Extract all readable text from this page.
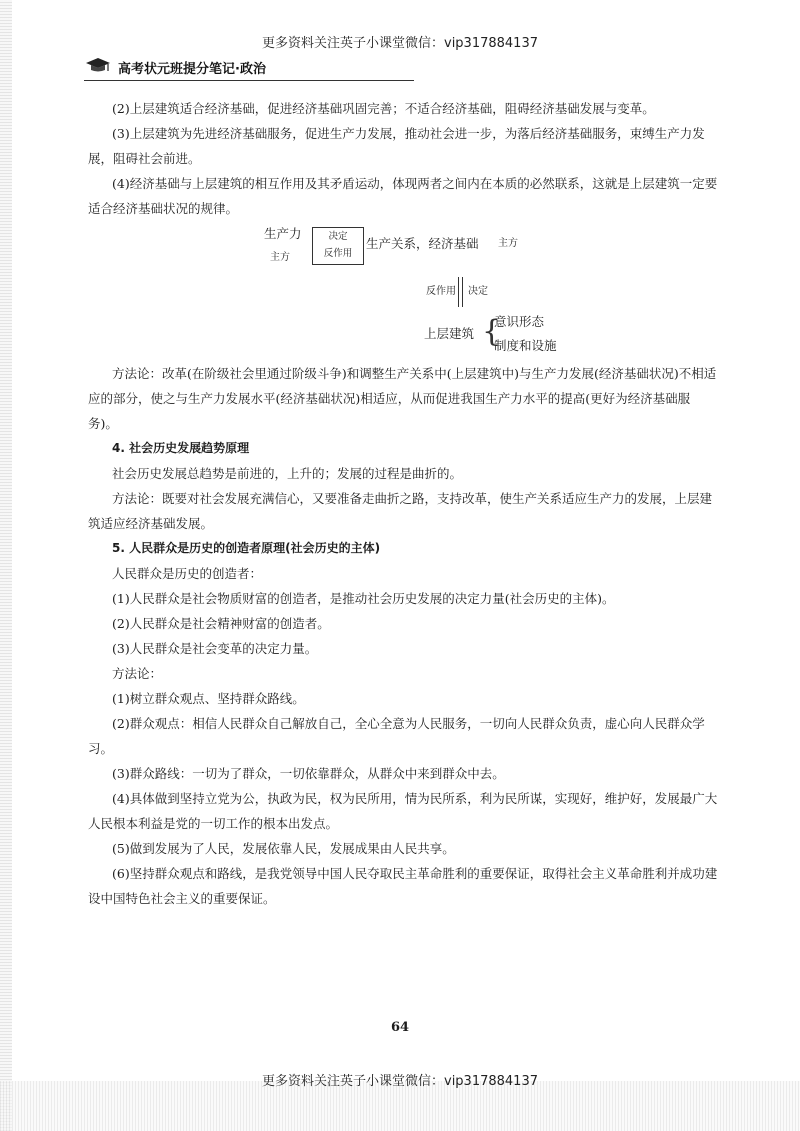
更多资料关注英子小课堂微信：vip317884137
高考状元班提分笔记·政治

(2)上层建筑适合经济基础，促进经济基础巩固完善；不适合经济基础，阻碍经济基础发展与变革。

(3)上层建筑为先进经济基础服务，促进生产力发展，推动社会进一步，为落后经济基础服务，束缚生产力发展，阻碍社会前进。

(4)经济基础与上层建筑的相互作用及其矛盾运动，体现两者之间内在本质的必然联系，这就是上层建筑一定要适合经济基础状况的规律。

生产力
主方
决定
反作用
生产关系，经济基础 主方
反作用 决定
上层建筑 {
意识形态
制度和设施

方法论：改革(在阶级社会里通过阶级斗争)和调整生产关系中(上层建筑中)与生产力发展(经济基础状况)不相适应的部分，使之与生产力发展水平(经济基础状况)相适应，从而促进我国生产力水平的提高(更好为经济基础服务)。

4. 社会历史发展趋势原理

社会历史发展总趋势是前进的，上升的；发展的过程是曲折的。

方法论：既要对社会发展充满信心，又要准备走曲折之路，支持改革，使生产关系适应生产力的发展，上层建筑适应经济基础发展。

5. 人民群众是历史的创造者原理(社会历史的主体)

人民群众是历史的创造者：

(1)人民群众是社会物质财富的创造者，是推动社会历史发展的决定力量(社会历史的主体)。

(2)人民群众是社会精神财富的创造者。

(3)人民群众是社会变革的决定力量。

方法论：

(1)树立群众观点、坚持群众路线。

(2)群众观点：相信人民群众自己解放自己，全心全意为人民服务，一切向人民群众负责，虚心向人民群众学习。

(3)群众路线：一切为了群众，一切依靠群众，从群众中来到群众中去。

(4)具体做到坚持立党为公，执政为民，权为民所用，情为民所系，利为民所谋，实现好，维护好，发展最广大人民根本利益是党的一切工作的根本出发点。

(5)做到发展为了人民，发展依靠人民，发展成果由人民共享。

(6)坚持群众观点和路线，是我党领导中国人民夺取民主革命胜利的重要保证，取得社会主义革命胜利并成功建设中国特色社会主义的重要保证。

64
更多资料关注英子小课堂微信：vip317884137
